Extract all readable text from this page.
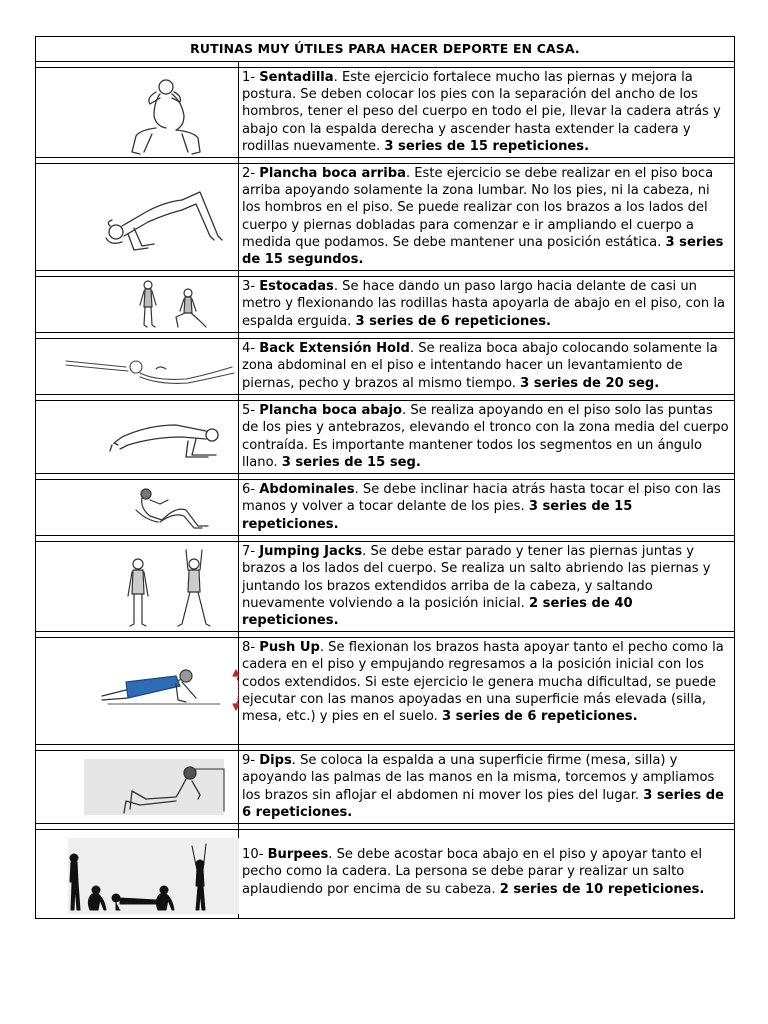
RUTINAS MUY ÚTILES PARA HACER DEPORTE EN CASA.	

	1- Sentadilla. Este ejercicio fortalece mucho las piernas y mejora la postura. Se deben colocar los pies con la separación del ancho de los hombros, tener el peso del cuerpo en todo el pie, llevar la cadera atrás y abajo con la espalda derecha y ascender hasta extender la cadera y rodillas nuevamente. 3 series de 15 repeticiones.

	2- Plancha boca arriba. Este ejercicio se debe realizar en el piso boca arriba apoyando solamente la zona lumbar. No los pies, ni la cabeza, ni los hombros en el piso. Se puede realizar con los brazos a los lados del cuerpo y piernas dobladas para comenzar e ir ampliando el cuerpo a medida que podamos. Se debe mantener una posición estática. 3 series de 15 segundos.

	3- Estocadas. Se hace dando un paso largo hacia delante de casi un metro y flexionando las rodillas hasta apoyarla de abajo en el piso, con la espalda erguida. 3 series de 6 repeticiones.

	4- Back Extensión Hold. Se realiza boca abajo colocando solamente la zona abdominal en el piso e intentando hacer un levantamiento de piernas, pecho y brazos al mismo tiempo. 3 series de 20 seg.

	5- Plancha boca abajo. Se realiza apoyando en el piso solo las puntas de los pies y antebrazos, elevando el tronco con la zona media del cuerpo contraída. Es importante mantener todos los segmentos en un ángulo llano. 3 series de 15 seg.

	6- Abdominales. Se debe inclinar hacia atrás hasta tocar el piso con las manos y volver a tocar delante de los pies. 3 series de 15 repeticiones.

	7- Jumping Jacks. Se debe estar parado y tener las piernas juntas y brazos a los lados del cuerpo. Se realiza un salto abriendo las piernas y juntando los brazos extendidos arriba de la cabeza, y saltando nuevamente volviendo a la posición inicial. 2 series de 40 repeticiones.

	8- Push Up. Se flexionan los brazos hasta apoyar tanto el pecho como la cadera en el piso y empujando regresamos a la posición inicial con los codos extendidos. Si este ejercicio le genera mucha dificultad, se puede ejecutar con las manos apoyadas en una superficie más elevada (silla, mesa, etc.) y pies en el suelo. 3 series de 6 repeticiones.

	9- Dips. Se coloca la espalda a una superficie firme (mesa, silla) y apoyando las palmas de las manos en la misma, torcemos y ampliamos los brazos sin aflojar el abdomen ni mover los pies del lugar. 3 series de 6 repeticiones.

	10- Burpees. Se debe acostar boca abajo en el piso y apoyar tanto el pecho como la cadera. La persona se debe parar y realizar un salto aplaudiendo por encima de su cabeza. 2 series de 10 repeticiones.
